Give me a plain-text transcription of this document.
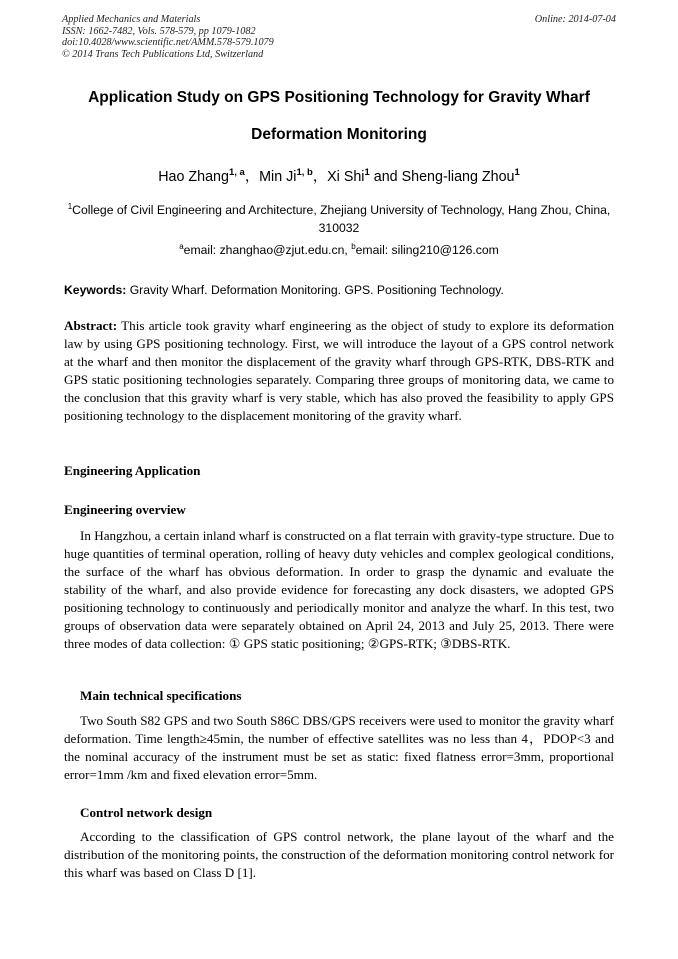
Applied Mechanics and Materials
ISSN: 1662-7482, Vols. 578-579, pp 1079-1082
doi:10.4028/www.scientific.net/AMM.578-579.1079
© 2014 Trans Tech Publications Ltd, Switzerland
Online: 2014-07-04
Application Study on GPS Positioning Technology for Gravity Wharf
Deformation Monitoring
Hao Zhang$^{1, a}$，Min Ji$^{1, b}$，Xi Shi$^1$ and Sheng-liang Zhou$^1$
$^1$College of Civil Engineering and Architecture, Zhejiang University of Technology, Hang Zhou, China, 310032
$^a$email: zhanghao@zjut.edu.cn, $^b$email: siling210@126.com
Keywords: Gravity Wharf. Deformation Monitoring. GPS. Positioning Technology.
Abstract: This article took gravity wharf engineering as the object of study to explore its deformation law by using GPS positioning technology. First, we will introduce the layout of a GPS control network at the wharf and then monitor the displacement of the gravity wharf through GPS-RTK, DBS-RTK and GPS static positioning technologies separately. Comparing three groups of monitoring data, we came to the conclusion that this gravity wharf is very stable, which has also proved the feasibility to apply GPS positioning technology to the displacement monitoring of the gravity wharf.
Engineering Application
Engineering overview
In Hangzhou, a certain inland wharf is constructed on a flat terrain with gravity-type structure. Due to huge quantities of terminal operation, rolling of heavy duty vehicles and complex geological conditions, the surface of the wharf has obvious deformation. In order to grasp the dynamic and evaluate the stability of the wharf, and also provide evidence for forecasting any dock disasters, we adopted GPS positioning technology to continuously and periodically monitor and analyze the wharf. In this test, two groups of observation data were separately obtained on April 24, 2013 and July 25, 2013. There were three modes of data collection: ① GPS static positioning; ②GPS-RTK; ③DBS-RTK.
Main technical specifications
Two South S82 GPS and two South S86C DBS/GPS receivers were used to monitor the gravity wharf deformation. Time length≥45min, the number of effective satellites was no less than 4，PDOP<3 and the nominal accuracy of the instrument must be set as static: fixed flatness error=3mm, proportional error=1mm /km and fixed elevation error=5mm.
Control network design
According to the classification of GPS control network, the plane layout of the wharf and the distribution of the monitoring points, the construction of the deformation monitoring control network for this wharf was based on Class D [1].
